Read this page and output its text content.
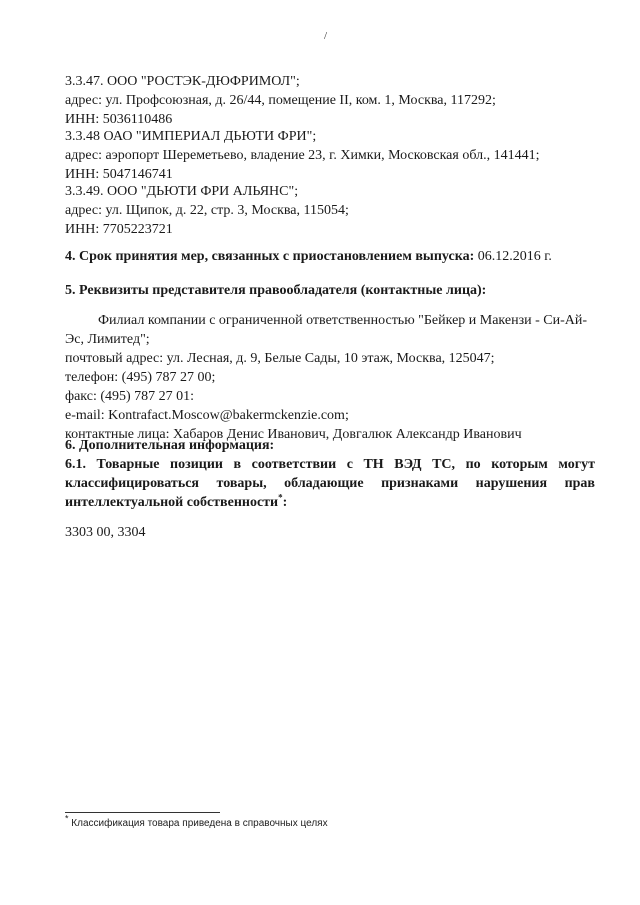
/
3.3.47. ООО "РОСТЭК-ДЮФРИМОЛ";
адрес: ул. Профсоюзная, д. 26/44, помещение II, ком. 1, Москва, 117292;
ИНН: 5036110486
3.3.48 ОАО "ИМПЕРИАЛ ДЬЮТИ ФРИ";
адрес: аэропорт Шереметьево, владение 23, г. Химки, Московская обл., 141441;
ИНН: 5047146741
3.3.49. ООО "ДЬЮТИ ФРИ АЛЬЯНС";
адрес: ул. Щипок, д. 22, стр. 3, Москва, 115054;
ИНН: 7705223721
4. Срок принятия мер, связанных с приостановлением выпуска: 06.12.2016 г.
5. Реквизиты представителя правообладателя (контактные лица):
Филиал компании с ограниченной ответственностью "Бейкер и Макензи - Си-Ай-
Эс, Лимитед";
почтовый адрес: ул. Лесная, д. 9, Белые Сады, 10 этаж, Москва, 125047;
телефон: (495) 787 27 00;
факс: (495) 787 27 01:
e-mail: Kontrafact.Moscow@bakermckenzie.com;
контактные лица: Хабаров Денис Иванович, Довгалюк Александр Иванович
6. Дополнительная информация:
6.1. Товарные позиции в соответствии с ТН ВЭД ТС, по которым могут
классифицироваться товары, обладающие признаками нарушения прав
интеллектуальной собственности*:
3303 00, 3304
* Классификация товара приведена в справочных целях
